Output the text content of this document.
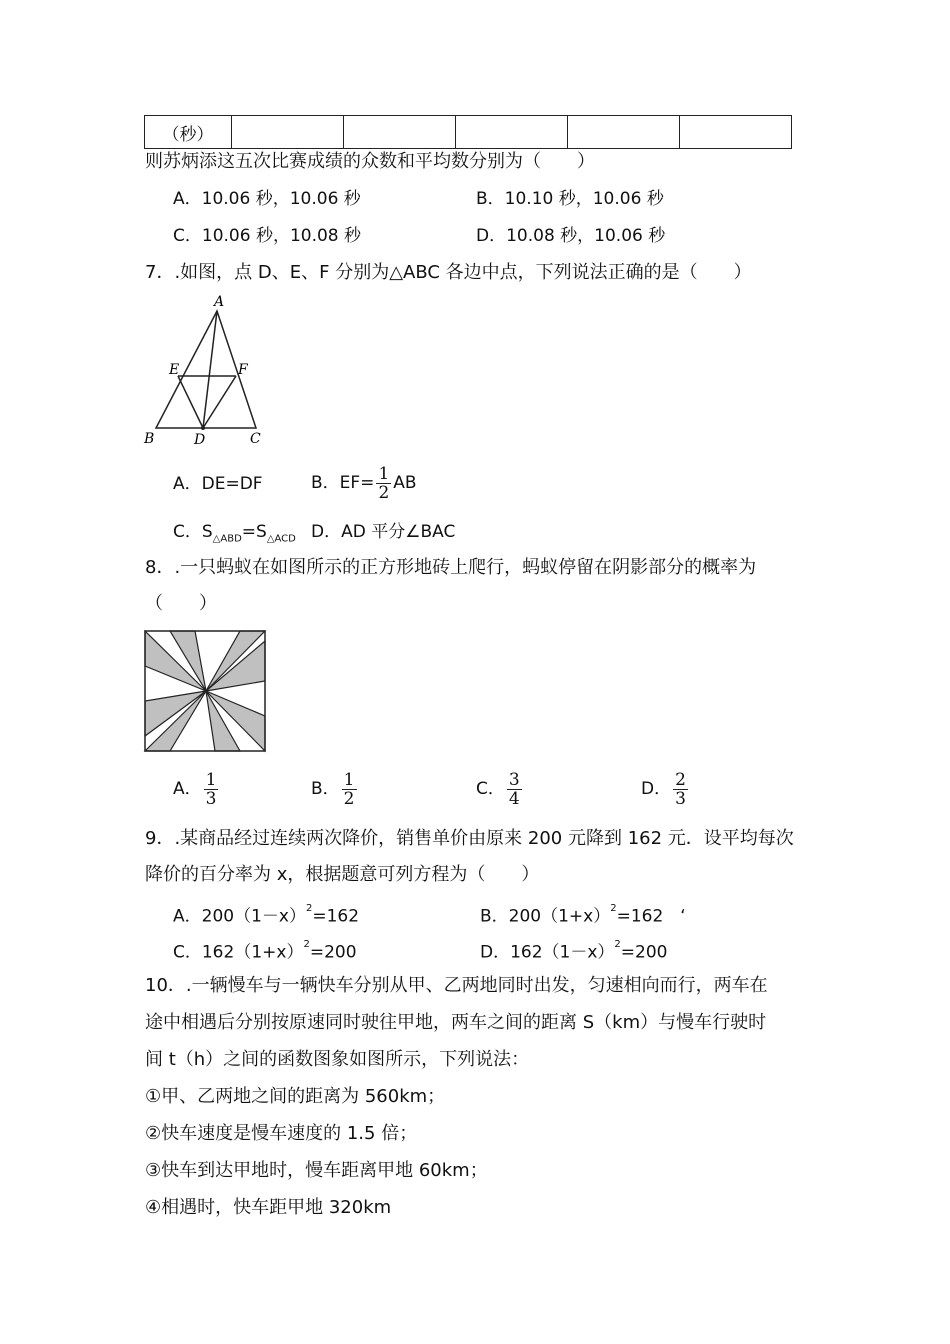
（秒）					
则苏炳添这五次比赛成绩的众数和平均数分别为（　　）
A．10.06 秒，10.06 秒	B．10.10 秒，10.06 秒
C．10.06 秒，10.08 秒	D．10.08 秒，10.06 秒
7．.如图，点 D、E、F 分别为△ABC 各边中点，下列说法正确的是（　　）
A
B	C
D
E	F
A．DE=DF	B．$EF= \frac{1}{2}$ AB
C．$S_{\triangle ABD}=S_{\triangle ACD}$ D．AD 平分∠BAC
8．.一只蚂蚁在如图所示的正方形地砖上爬行，蚂蚁停留在阴影部分的概率为
（　　）
A． $\frac{1}{3}$	B． $\frac{1}{2}$	C． $\frac{3}{4}$	D． $\frac{2}{3}$
9．.某商品经过连续两次降价，销售单价由原来 200 元降到 162 元．设平均每次
降价的百分率为 x，根据题意可列方程为（　　）
A．$200(1-x)^2=162$	B．$200(1+x)^2=162$　‘
C．$162(1+x)^2=200$	D．$162(1-x)^2=200$
10．.一辆慢车与一辆快车分别从甲、乙两地同时出发，匀速相向而行，两车在
途中相遇后分别按原速同时驶往甲地，两车之间的距离 S（km）与慢车行驶时
间 t（h）之间的函数图象如图所示，下列说法：
①甲、乙两地之间的距离为 560km；
②快车速度是慢车速度的 1.5 倍；
③快车到达甲地时，慢车距离甲地 60km；
④相遇时，快车距甲地 320km
